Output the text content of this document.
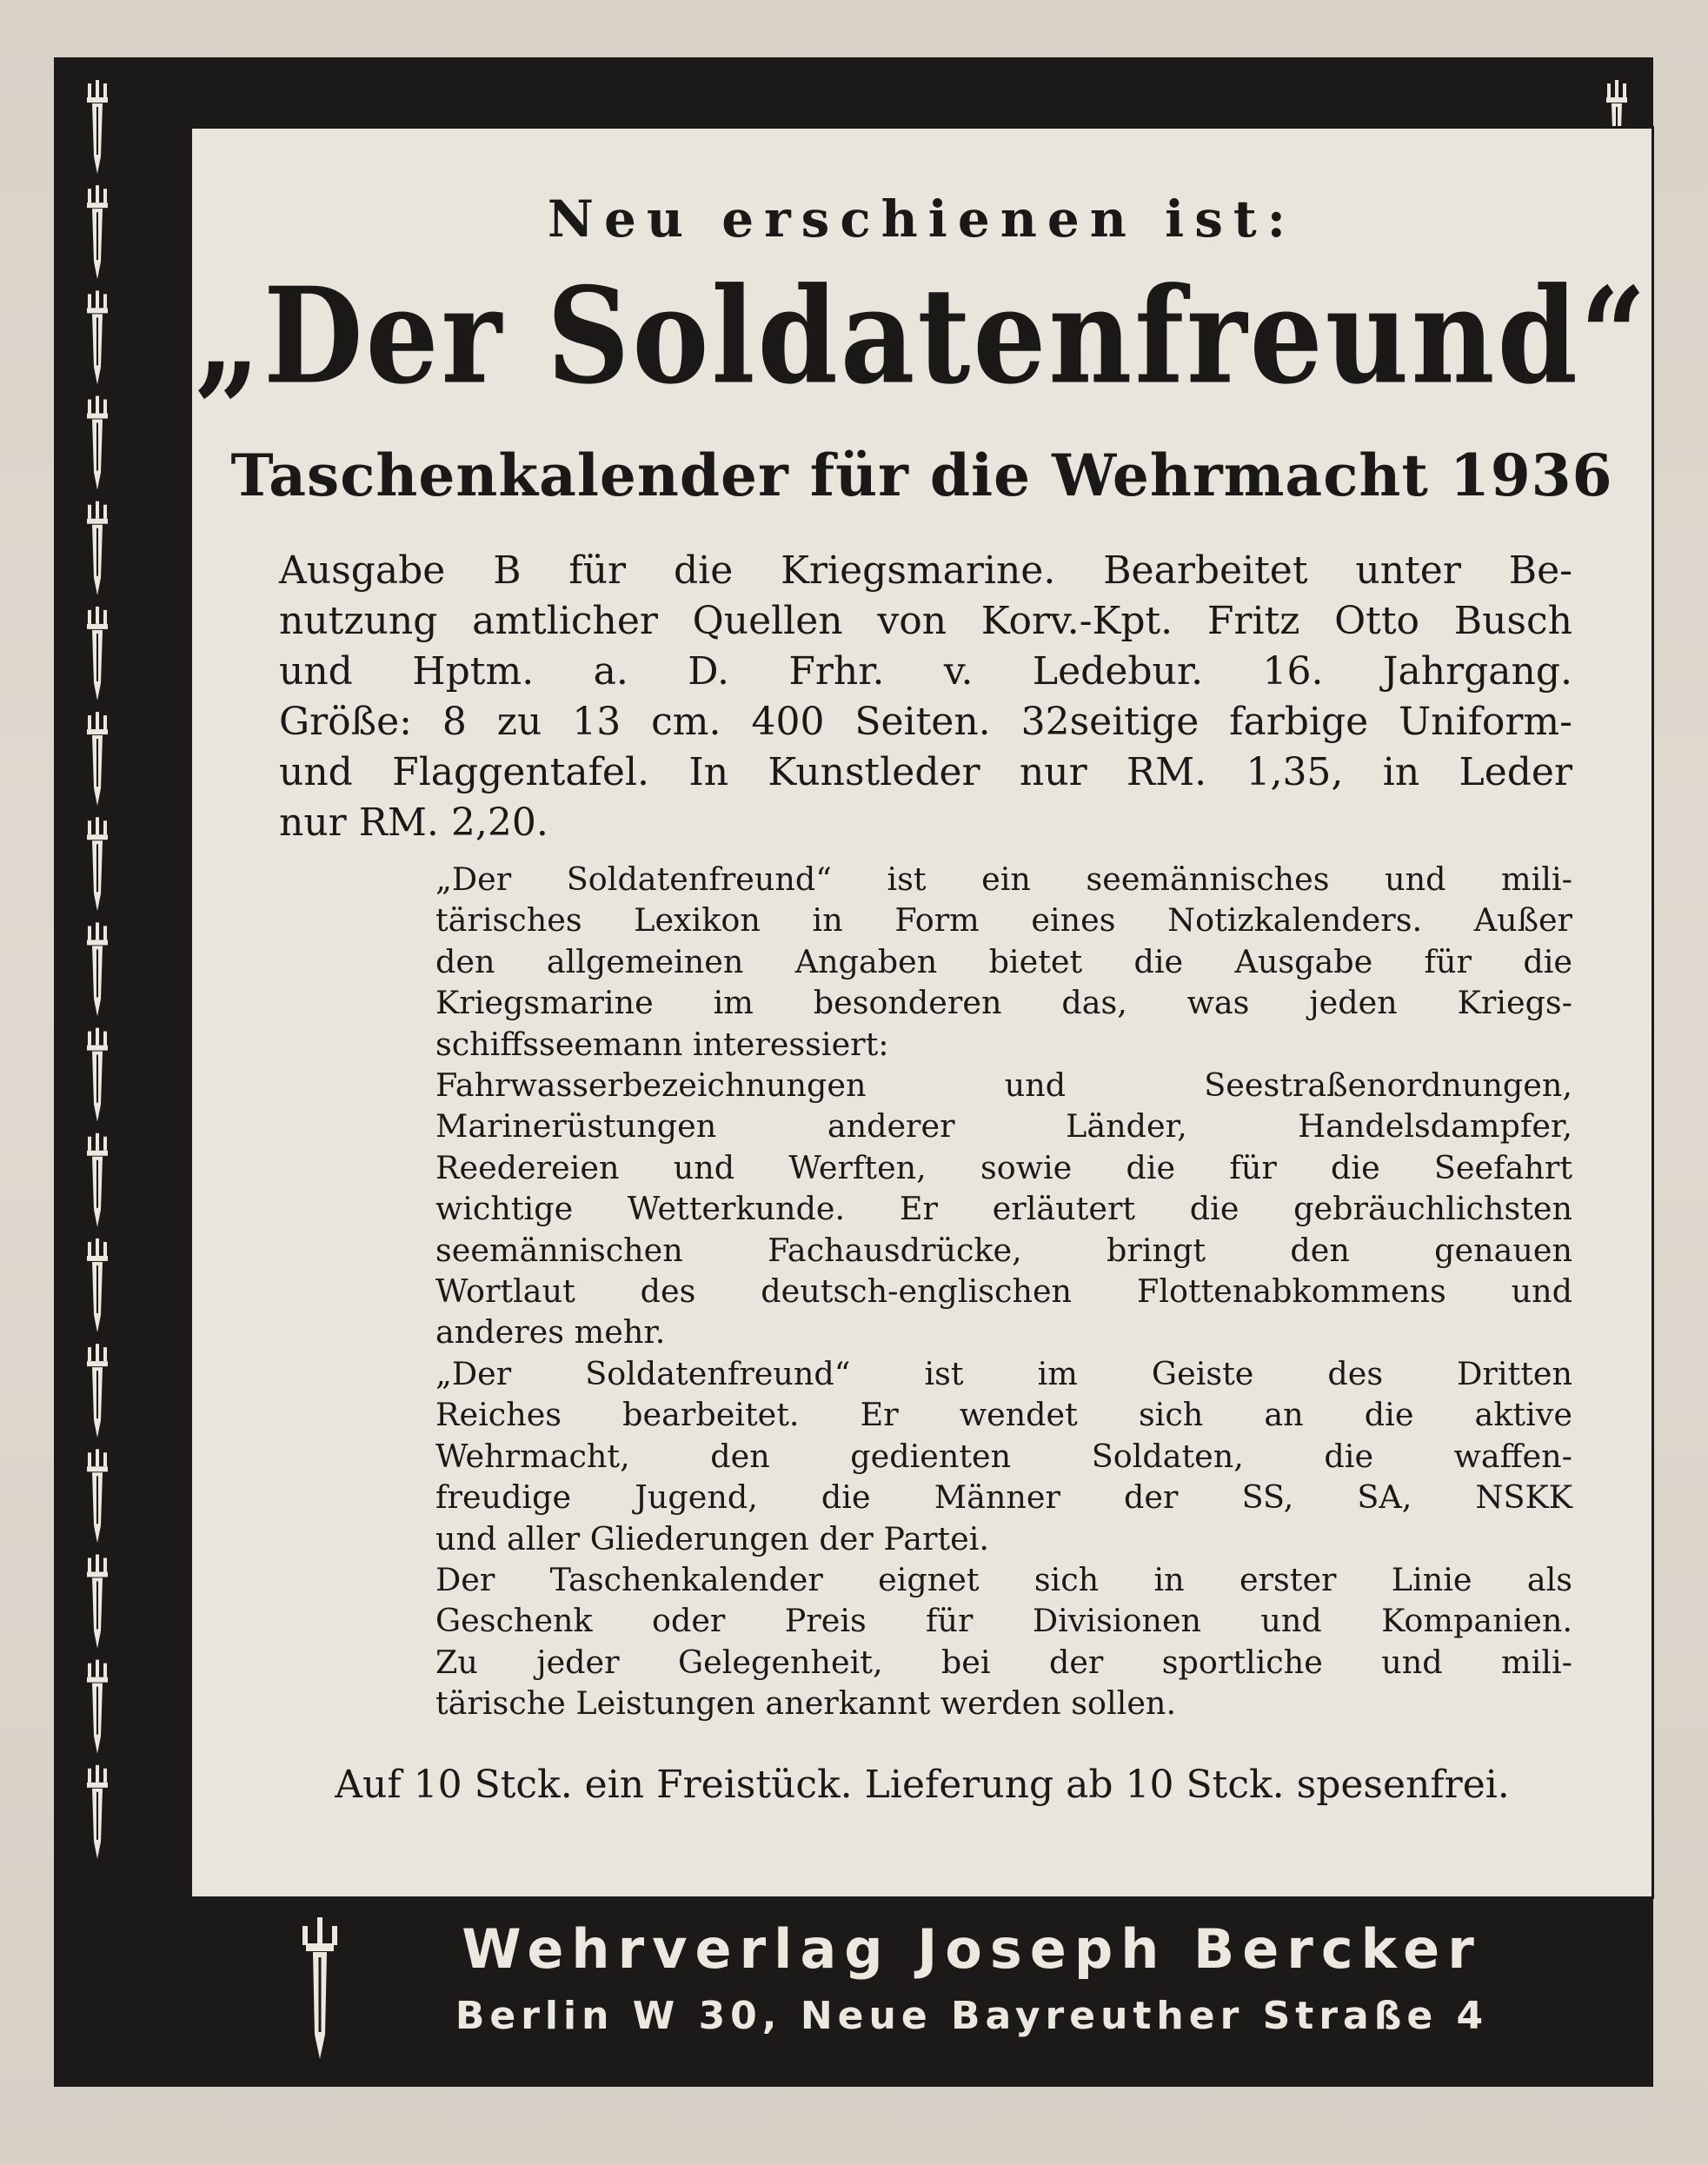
Neu erschienen ist:
„Der Soldatenfreund“
Taschenkalender für die Wehrmacht 1936
Ausgabe B für die Kriegsmarine. Bearbeitet unter Be-
nutzung amtlicher Quellen von Korv.-Kpt. Fritz Otto Busch
und Hptm. a. D. Frhr. v. Ledebur. 16. Jahrgang.
Größe: 8 zu 13 cm. 400 Seiten. 32seitige farbige Uniform-
und Flaggentafel. In Kunstleder nur RM. 1,35, in Leder
nur RM. 2,20.
„Der Soldatenfreund“ ist ein seemännisches und mili-
tärisches Lexikon in Form eines Notizkalenders. Außer
den allgemeinen Angaben bietet die Ausgabe für die
Kriegsmarine im besonderen das, was jeden Kriegs-
schiffsseemann interessiert:
Fahrwasserbezeichnungen und Seestraßenordnungen,
Marinerüstungen anderer Länder, Handelsdampfer,
Reedereien und Werften, sowie die für die Seefahrt
wichtige Wetterkunde. Er erläutert die gebräuchlichsten
seemännischen Fachausdrücke, bringt den genauen
Wortlaut des deutsch-englischen Flottenabkommens und
anderes mehr.
„Der Soldatenfreund“ ist im Geiste des Dritten
Reiches bearbeitet. Er wendet sich an die aktive
Wehrmacht, den gedienten Soldaten, die waffen-
freudige Jugend, die Männer der SS, SA, NSKK
und aller Gliederungen der Partei.
Der Taschenkalender eignet sich in erster Linie als
Geschenk oder Preis für Divisionen und Kompanien.
Zu jeder Gelegenheit, bei der sportliche und mili-
tärische Leistungen anerkannt werden sollen.
Auf 10 Stck. ein Freistück. Lieferung ab 10 Stck. spesenfrei.
Wehrverlag Joseph Bercker
Berlin W 30, Neue Bayreuther Straße 4
